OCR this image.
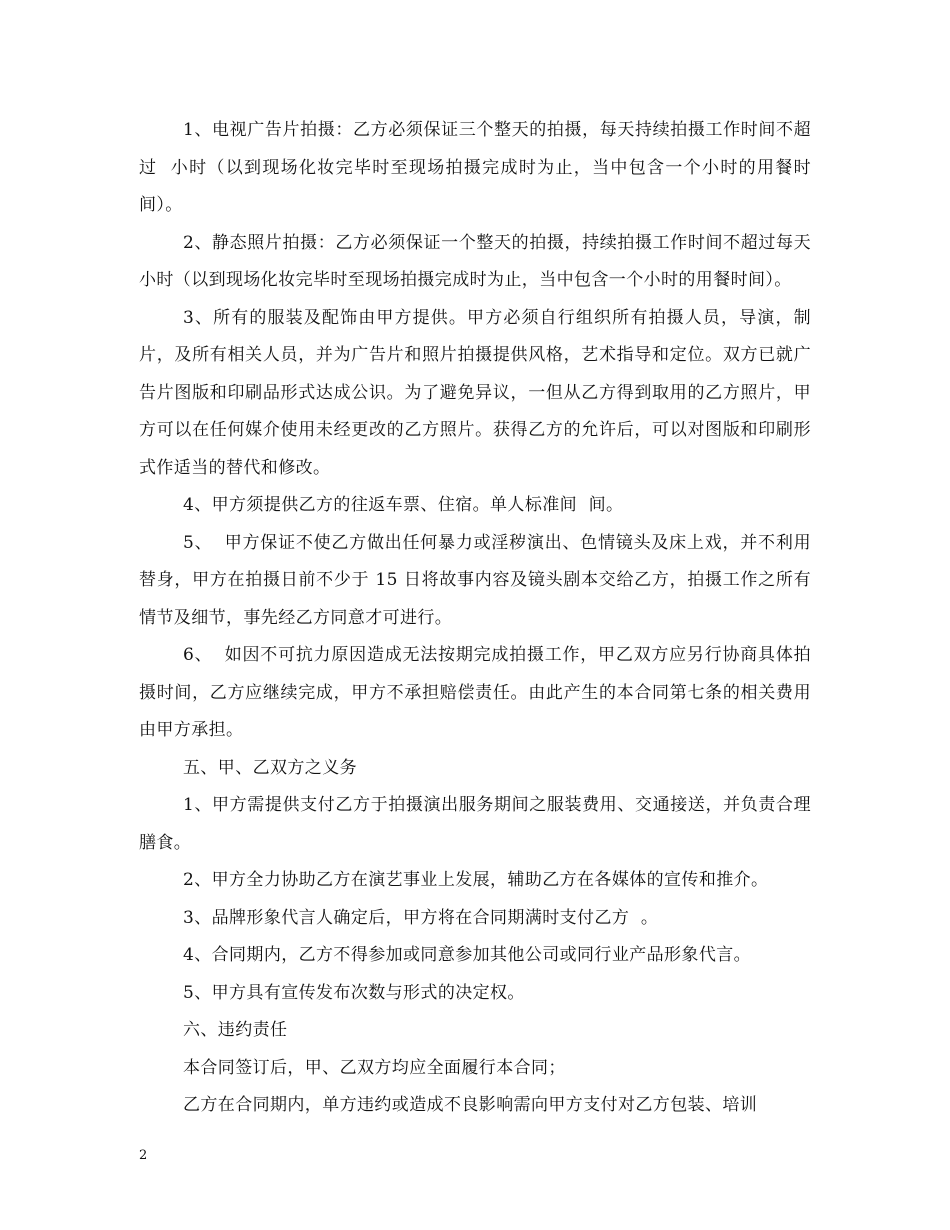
1、电视广告片拍摄：乙方必须保证三个整天的拍摄，每天持续拍摄工作时间不超过  小时（以到现场化妆完毕时至现场拍摄完成时为止，当中包含一个小时的用餐时间）。

2、静态照片拍摄：乙方必须保证一个整天的拍摄，持续拍摄工作时间不超过每天  小时（以到现场化妆完毕时至现场拍摄完成时为止，当中包含一个小时的用餐时间）。

3、所有的服装及配饰由甲方提供。甲方必须自行组织所有拍摄人员，导演，制片，及所有相关人员，并为广告片和照片拍摄提供风格，艺术指导和定位。双方已就广告片图版和印刷品形式达成公识。为了避免异议，一但从乙方得到取用的乙方照片，甲方可以在任何媒介使用未经更改的乙方照片。获得乙方的允许后，可以对图版和印刷形式作适当的替代和修改。

4、甲方须提供乙方的往返车票、住宿。单人标准间  间。

5、  甲方保证不使乙方做出任何暴力或淫秽演出、色情镜头及床上戏，并不利用替身，甲方在拍摄日前不少于 15 日将故事内容及镜头剧本交给乙方，拍摄工作之所有情节及细节，事先经乙方同意才可进行。

6、  如因不可抗力原因造成无法按期完成拍摄工作，甲乙双方应另行协商具体拍摄时间，乙方应继续完成，甲方不承担赔偿责任。由此产生的本合同第七条的相关费用由甲方承担。

五、甲、乙双方之义务

1、甲方需提供支付乙方于拍摄演出服务期间之服装费用、交通接送，并负责合理膳食。

2、甲方全力协助乙方在演艺事业上发展，辅助乙方在各媒体的宣传和推介。

3、品牌形象代言人确定后，甲方将在合同期满时支付乙方  。

4、合同期内，乙方不得参加或同意参加其他公司或同行业产品形象代言。

5、甲方具有宣传发布次数与形式的决定权。

六、违约责任

本合同签订后，甲、乙双方均应全面履行本合同；

乙方在合同期内，单方违约或造成不良影响需向甲方支付对乙方包装、培训

2
